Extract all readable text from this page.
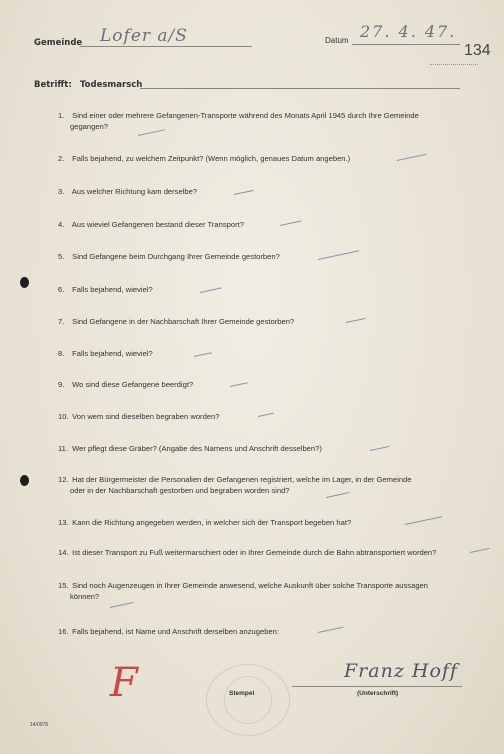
Gemeinde Lofer a/S	Datum 27. 4. 47.
134
Betrifft: Todesmarsch
1. Sind einer oder mehrere Gefangenen-Transporte während des Monats April 1945 durch Ihre Gemeinde
gegangen?
2. Falls bejahend, zu welchem Zeitpunkt? (Wenn möglich, genaues Datum angeben.)
3. Aus welcher Richtung kam derselbe?
4. Aus wieviel Gefangenen bestand dieser Transport?
5. Sind Gefangene beim Durchgang Ihrer Gemeinde gestorben?
6. Falls bejahend, wieviel?
7. Sind Gefangene in der Nachbarschaft Ihrer Gemeinde gestorben?
8. Falls bejahend, wieviel?
9. Wo sind diese Gefangene beerdigt?
10. Von wem sind dieselben begraben worden?
11. Wer pflegt diese Gräber? (Angabe des Namens und Anschrift desselben?)
12. Hat der Bürgermeister die Personalien der Gefangenen registriert, welche im Lager, in der Gemeinde
oder in der Nachbarschaft gestorben und begraben worden sind?
13. Kann die Richtung angegeben werden, in welcher sich der Transport begeben hat?
14. Ist dieser Transport zu Fuß weitermarschiert oder in Ihrer Gemeinde durch die Bahn abtransportiert worden?
15. Sind noch Augenzeugen in Ihrer Gemeinde anwesend, welche Auskunft über solche Transporte aussagen
können?
16. Falls bejahend, ist Name und Anschrift derselben anzugeben:
F	Stempel
Franz Hoff
(Unterschrift)
14/0978
